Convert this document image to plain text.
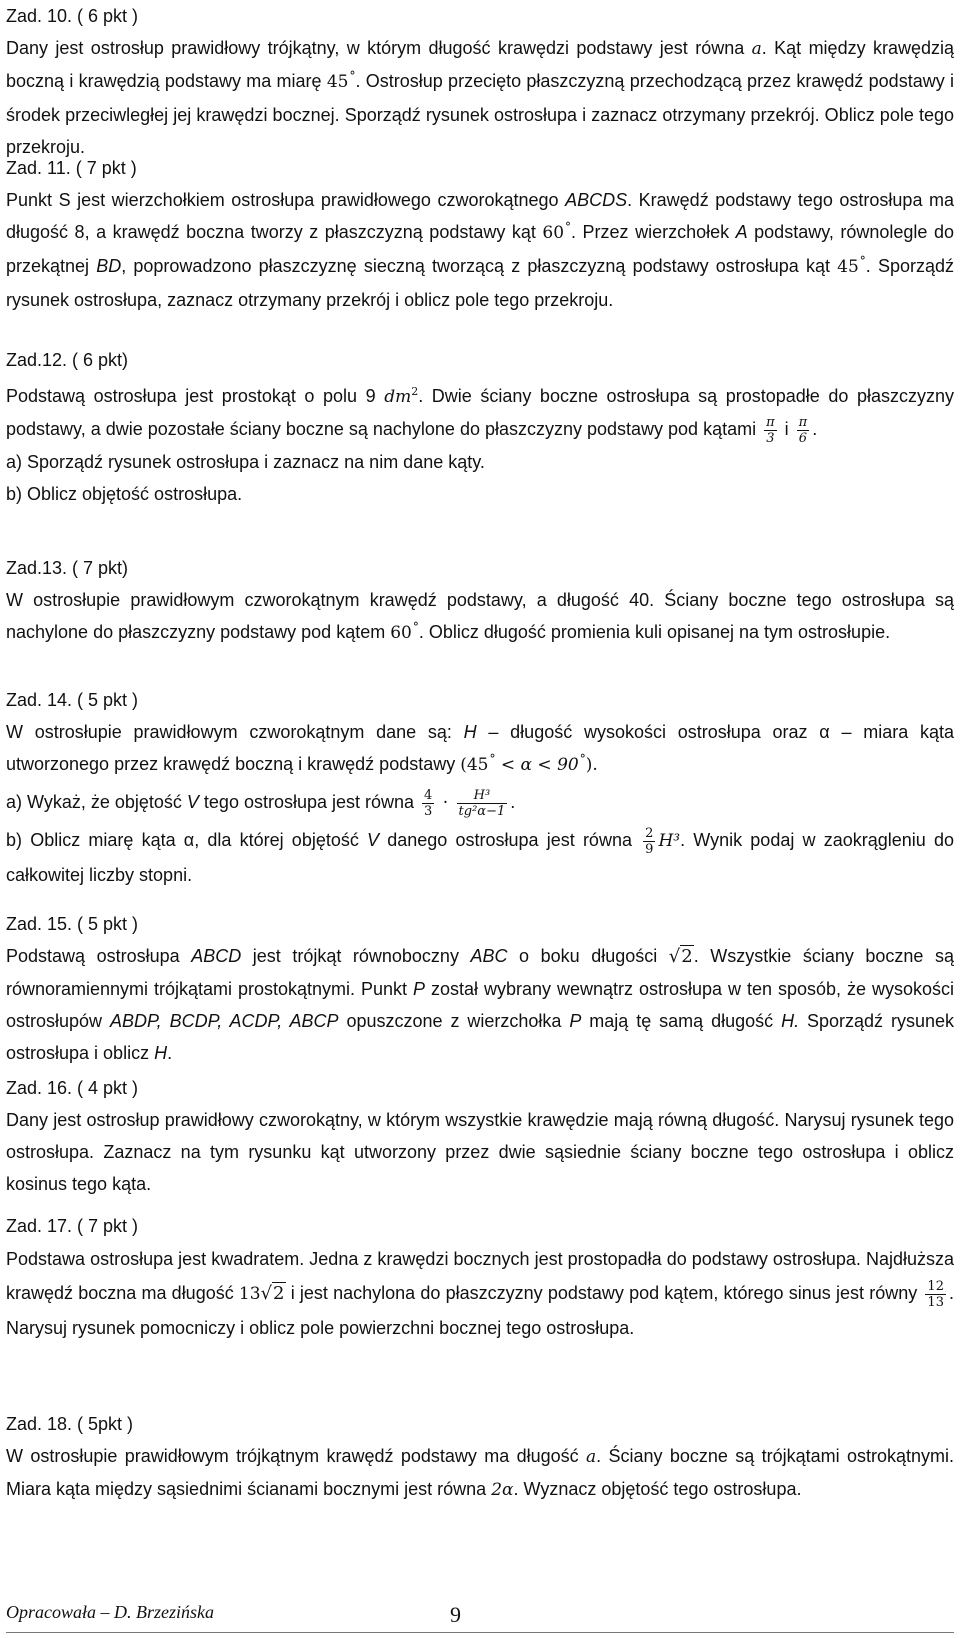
Zad. 10. ( 6 pkt )
Dany jest ostrosłup prawidłowy trójkątny, w którym długość krawędzi podstawy jest równa a. Kąt między krawędzią boczną i krawędzią podstawy ma miarę 45°. Ostrosłup przecięto płaszczyzną przechodzącą przez krawędź podstawy i środek przeciwległej jej krawędzi bocznej. Sporządź rysunek ostrosłupa i zaznacz otrzymany przekrój. Oblicz pole tego przekroju.
Zad. 11. ( 7 pkt )
Punkt S jest wierzchołkiem ostrosłupa prawidłowego czworokątnego ABCDS. Krawędź podstawy tego ostrosłupa ma długość 8, a krawędź boczna tworzy z płaszczyzną podstawy kąt 60°. Przez wierzchołek A podstawy, równolegle do przekątnej BD, poprowadzono płaszczyznę sieczną tworzącą z płaszczyzną podstawy ostrosłupa kąt 45°. Sporządź rysunek ostrosłupa, zaznacz otrzymany przekrój i oblicz pole tego przekroju.
Zad.12. ( 6 pkt)
Podstawą ostrosłupa jest prostokąt o polu 9 $dm^2$. Dwie ściany boczne ostrosłupa są prostopadłe do płaszczyzny podstawy, a dwie pozostałe ściany boczne są nachylone do płaszczyzny podstawy pod kątami $\frac{\pi}{3}$ i $\frac{\pi}{6}$ .
a) Sporządź rysunek ostrosłupa i zaznacz na nim dane kąty.
b) Oblicz objętość ostrosłupa.
Zad.13. ( 7 pkt)
W ostrosłupie prawidłowym czworokątnym krawędź podstawy, a długość 40. Ściany boczne tego ostrosłupa są nachylone do płaszczyzny podstawy pod kątem 60°. Oblicz długość promienia kuli opisanej na tym ostrosłupie.
Zad. 14. ( 5 pkt )
W ostrosłupie prawidłowym czworokątnym dane są: H – długość wysokości ostrosłupa oraz α – miara kąta utworzonego przez krawędź boczną i krawędź podstawy (45° < α < 90°).
a) Wykaż, że objętość V tego ostrosłupa jest równa $\frac{4}{3} \cdot \frac{\text{H³}}{\text{tg²α−1}}$ .
b) Oblicz miarę kąta α, dla której objętość V danego ostrosłupa jest równa $\frac{2}{9} H^3$. Wynik podaj w zaokrągleniu do całkowitej liczby stopni.
Zad. 15. ( 5 pkt )
Podstawą ostrosłupa ABCD jest trójkąt równoboczny ABC o boku długości √2. Wszystkie ściany boczne są równoramiennymi trójkątami prostokątnymi. Punkt P został wybrany wewnątrz ostrosłupa w ten sposób, że wysokości ostrosłupów ABDP, BCDP, ACDP, ABCP opuszczone z wierzchołka P mają tę samą długość H. Sporządź rysunek ostrosłupa i oblicz H.
Zad. 16. ( 4 pkt )
Dany jest ostrosłup prawidłowy czworokątny, w którym wszystkie krawędzie mają równą długość. Narysuj rysunek tego ostrosłupa. Zaznacz na tym rysunku kąt utworzony przez dwie sąsiednie ściany boczne tego ostrosłupa i oblicz kosinus tego kąta.
Zad. 17. ( 7 pkt )
Podstawa ostrosłupa jest kwadratem. Jedna z krawędzi bocznych jest prostopadła do podstawy ostrosłupa. Najdłuższa krawędź boczna ma długość 13√2 i jest nachylona do płaszczyzny podstawy pod kątem, którego sinus jest równy $\frac{12}{13}$ . Narysuj rysunek pomocniczy i oblicz pole powierzchni bocznej tego ostrosłupa.
Zad. 18. ( 5pkt )
W ostrosłupie prawidłowym trójkątnym krawędź podstawy ma długość a. Ściany boczne są trójkątami ostrokątnymi. Miara kąta między sąsiednimi ścianami bocznymi jest równa 2α. Wyznacz objętość tego ostrosłupa.
Opracowała – D. Brzezińska	9
